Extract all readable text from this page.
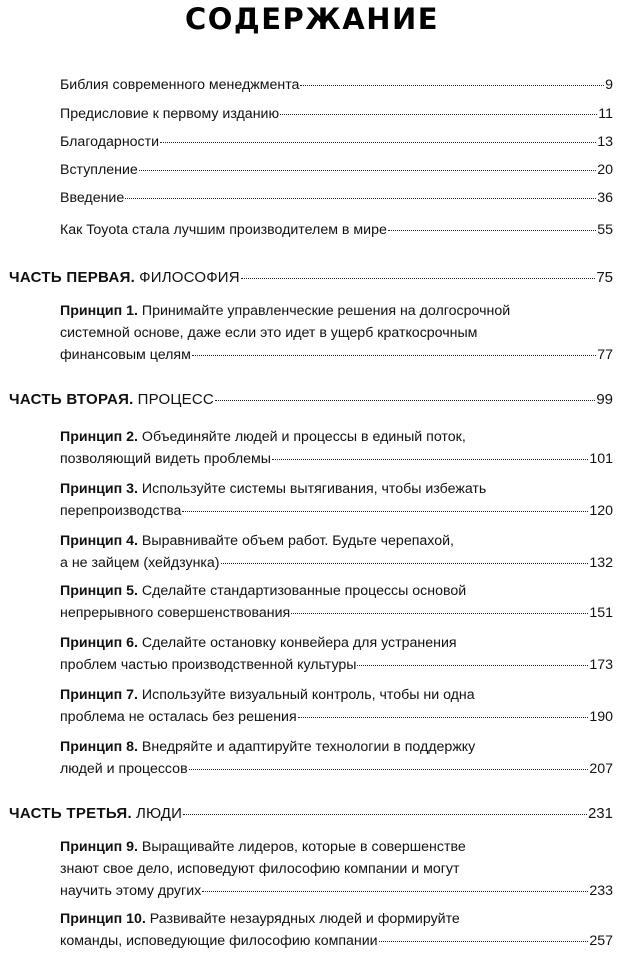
СОДЕРЖАНИЕ
Библия современного менеджмента	9
Предисловие к первому изданию	11
Благодарности	13
Вступление	20
Введение	36
Как Toyota стала лучшим производителем в мире	55
ЧАСТЬ ПЕРВАЯ. ФИЛОСОФИЯ	75
Принцип 1. Принимайте управленческие решения на долгосрочной
системной основе, даже если это идет в ущерб краткосрочным
финансовым целям	77
ЧАСТЬ ВТОРАЯ. ПРОЦЕСС	99
Принцип 2. Объединяйте людей и процессы в единый поток,
позволяющий видеть проблемы	101
Принцип 3. Используйте системы вытягивания, чтобы избежать
перепроизводства	120
Принцип 4. Выравнивайте объем работ. Будьте черепахой,
а не зайцем (хейдзунка)	132
Принцип 5. Сделайте стандартизованные процессы основой
непрерывного совершенствования	151
Принцип 6. Сделайте остановку конвейера для устранения
проблем частью производственной культуры	173
Принцип 7. Используйте визуальный контроль, чтобы ни одна
проблема не осталась без решения	190
Принцип 8. Внедряйте и адаптируйте технологии в поддержку
людей и процессов	207
ЧАСТЬ ТРЕТЬЯ. ЛЮДИ	231
Принцип 9. Выращивайте лидеров, которые в совершенстве
знают свое дело, исповедуют философию компании и могут
научить этому других	233
Принцип 10. Развивайте незаурядных людей и формируйте
команды, исповедующие философию компании	257
